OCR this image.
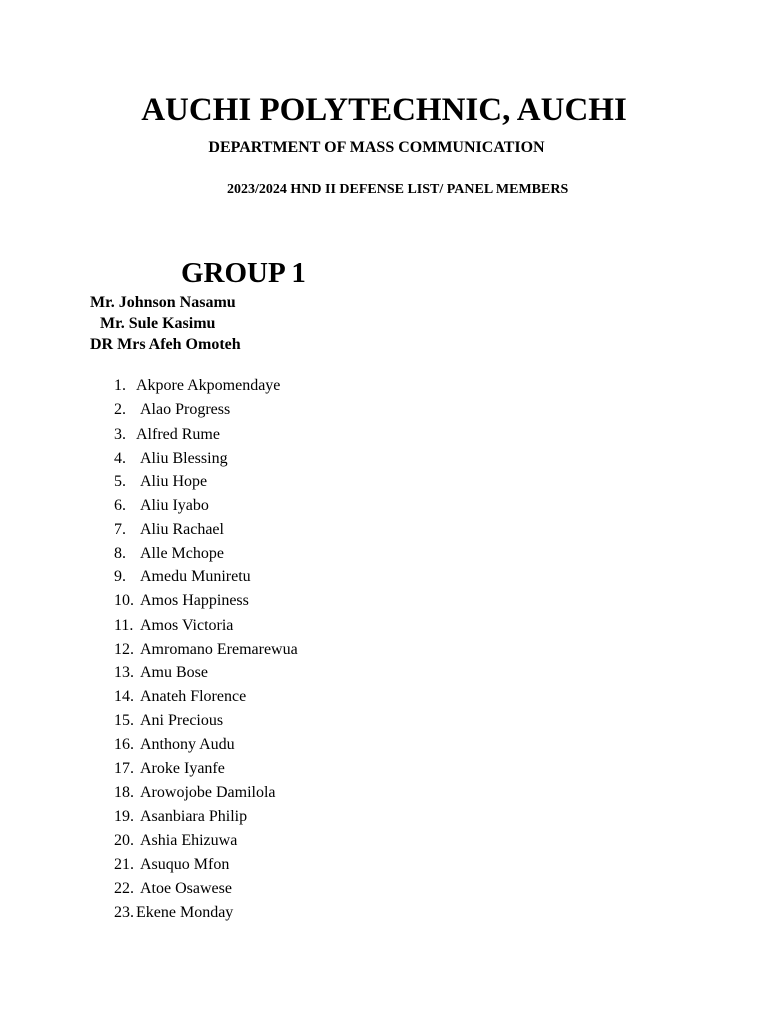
AUCHI POLYTECHNIC, AUCHI
DEPARTMENT OF MASS COMMUNICATION
2023/2024 HND II DEFENSE LIST/ PANEL MEMBERS
GROUP 1

Mr. Johnson Nasamu

Mr. Sule Kasimu

DR Mrs Afeh Omoteh

1. Akpore Akpomendaye
2. Alao Progress
3. Alfred Rume
4. Aliu Blessing
5. Aliu Hope
6. Aliu Iyabo
7. Aliu Rachael
8. Alle Mchope
9. Amedu Muniretu
10. Amos Happiness
11. Amos Victoria
12. Amromano Eremarewua
13. Amu Bose
14. Anateh Florence
15. Ani Precious
16. Anthony Audu
17. Aroke Iyanfe
18. Arowojobe Damilola
19. Asanbiara Philip
20. Ashia Ehizuwa
21. Asuquo Mfon
22. Atoe Osawese
23. Ekene Monday
